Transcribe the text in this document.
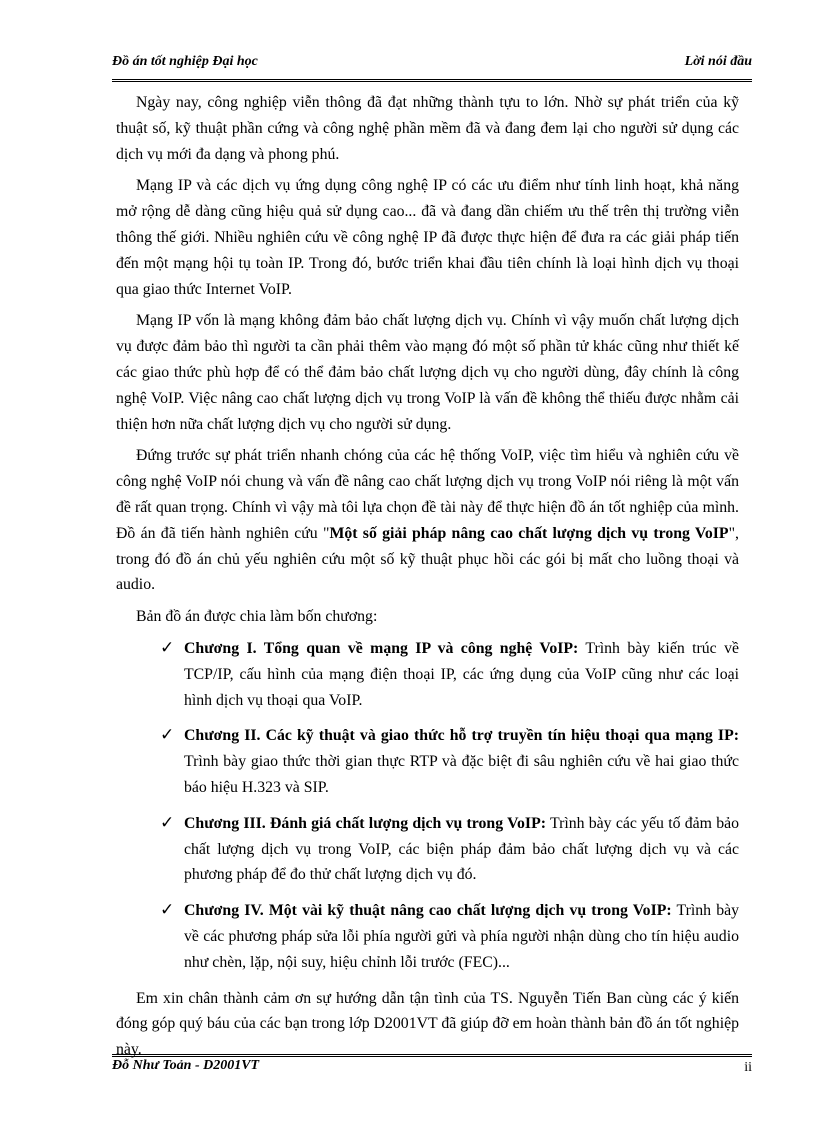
Đồ án tốt nghiệp Đại học	Lời nói đầu

Ngày nay, công nghiệp viễn thông đã đạt những thành tựu to lớn. Nhờ sự phát triển của kỹ thuật số, kỹ thuật phần cứng và công nghệ phần mềm đã và đang đem lại cho người sử dụng các dịch vụ mới đa dạng và phong phú.

Mạng IP và các dịch vụ ứng dụng công nghệ IP có các ưu điểm như tính linh hoạt, khả năng mở rộng dễ dàng cũng hiệu quả sử dụng cao... đã và đang dần chiếm ưu thế trên thị trường viễn thông thế giới. Nhiều nghiên cứu về công nghệ IP đã được thực hiện để đưa ra các giải pháp tiến đến một mạng hội tụ toàn IP. Trong đó, bước triển khai đầu tiên chính là loại hình dịch vụ thoại qua giao thức Internet VoIP.

Mạng IP vốn là mạng không đảm bảo chất lượng dịch vụ. Chính vì vậy muốn chất lượng dịch vụ được đảm bảo thì người ta cần phải thêm vào mạng đó một số phần tử khác cũng như thiết kế các giao thức phù hợp để có thể đảm bảo chất lượng dịch vụ cho người dùng, đây chính là công nghệ VoIP. Việc nâng cao chất lượng dịch vụ trong VoIP là vấn đề không thể thiếu được nhằm cải thiện hơn nữa chất lượng dịch vụ cho người sử dụng.

Đứng trước sự phát triển nhanh chóng của các hệ thống VoIP, việc tìm hiểu và nghiên cứu về công nghệ VoIP nói chung và vấn đề nâng cao chất lượng dịch vụ trong VoIP nói riêng là một vấn đề rất quan trọng. Chính vì vậy mà tôi lựa chọn đề tài này để thực hiện đồ án tốt nghiệp của mình. Đồ án đã tiến hành nghiên cứu "Một số giải pháp nâng cao chất lượng dịch vụ trong VoIP", trong đó đồ án chủ yếu nghiên cứu một số kỹ thuật phục hồi các gói bị mất cho luồng thoại và audio.

Bản đồ án được chia làm bốn chương:

✓ Chương I. Tổng quan về mạng IP và công nghệ VoIP: Trình bày kiến trúc về TCP/IP, cấu hình của mạng điện thoại IP, các ứng dụng của VoIP cũng như các loại hình dịch vụ thoại qua VoIP.
✓ Chương II. Các kỹ thuật và giao thức hỗ trợ truyền tín hiệu thoại qua mạng IP: Trình bày giao thức thời gian thực RTP và đặc biệt đi sâu nghiên cứu về hai giao thức báo hiệu H.323 và SIP.
✓ Chương III. Đánh giá chất lượng dịch vụ trong VoIP: Trình bày các yếu tố đảm bảo chất lượng dịch vụ trong VoIP, các biện pháp đảm bảo chất lượng dịch vụ và các phương pháp để đo thử chất lượng dịch vụ đó.
✓ Chương IV. Một vài kỹ thuật nâng cao chất lượng dịch vụ trong VoIP: Trình bày về các phương pháp sửa lỗi phía người gửi và phía người nhận dùng cho tín hiệu audio như chèn, lặp, nội suy, hiệu chỉnh lỗi trước (FEC)...

Em xin chân thành cảm ơn sự hướng dẫn tận tình của TS. Nguyễn Tiến Ban cùng các ý kiến đóng góp quý báu của các bạn trong lớp D2001VT đã giúp đỡ em hoàn thành bản đồ án tốt nghiệp này.

Đỗ Như Toản - D2001VT	ii
